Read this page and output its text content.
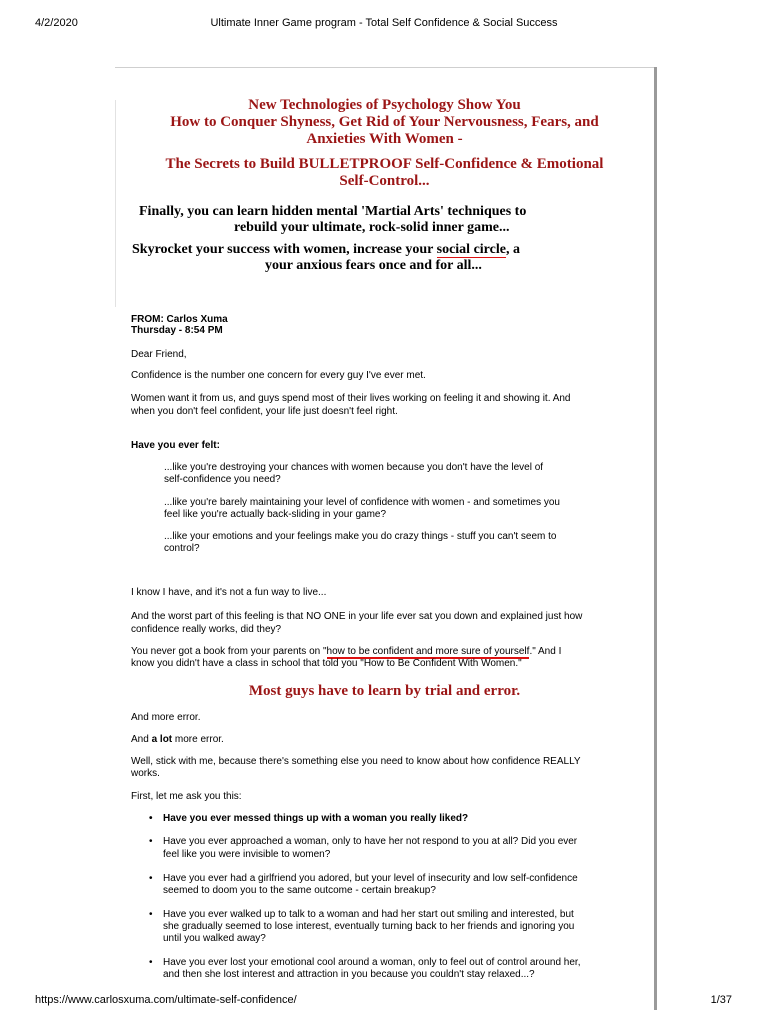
4/2/2020	Ultimate Inner Game program - Total Self Confidence & Social Success
https://www.carlosxuma.com/ultimate-self-confidence/	1/37
New Technologies of Psychology Show You
How to Conquer Shyness, Get Rid of Your Nervousness, Fears, and
Anxieties With Women -
The Secrets to Build BULLETPROOF Self-Confidence & Emotional
Self-Control...
Finally, you can learn hidden mental 'Martial Arts' techniques to
rebuild your ultimate, rock-solid inner game...
Skyrocket your success with women, increase your social circle, a
your anxious fears once and for all...
FROM: Carlos Xuma
Thursday - 8:54 PM
Dear Friend,
Confidence is the number one concern for every guy I've ever met.
Women want it from us, and guys spend most of their lives working on feeling it and showing it. And
when you don't feel confident, your life just doesn't feel right.
Have you ever felt:
...like you're destroying your chances with women because you don't have the level of
self-confidence you need?
...like you're barely maintaining your level of confidence with women - and sometimes you
feel like you're actually back-sliding in your game?
...like your emotions and your feelings make you do crazy things - stuff you can't seem to
control?
I know I have, and it's not a fun way to live...
And the worst part of this feeling is that NO ONE in your life ever sat you down and explained just how
confidence really works, did they?
You never got a book from your parents on "how to be confident and more sure of yourself." And I
know you didn't have a class in school that told you "How to Be Confident With Women."
Most guys have to learn by trial and error.
And more error.
And a lot more error.
Well, stick with me, because there's something else you need to know about how confidence REALLY
works.
First, let me ask you this:
•	Have you ever messed things up with a woman you really liked?
•	Have you ever approached a woman, only to have her not respond to you at all? Did you ever
feel like you were invisible to women?
•	Have you ever had a girlfriend you adored, but your level of insecurity and low self-confidence
seemed to doom you to the same outcome - certain breakup?
•	Have you ever walked up to talk to a woman and had her start out smiling and interested, but
she gradually seemed to lose interest, eventually turning back to her friends and ignoring you
until you walked away?
•	Have you ever lost your emotional cool around a woman, only to feel out of control around her,
and then she lost interest and attraction in you because you couldn't stay relaxed...?
